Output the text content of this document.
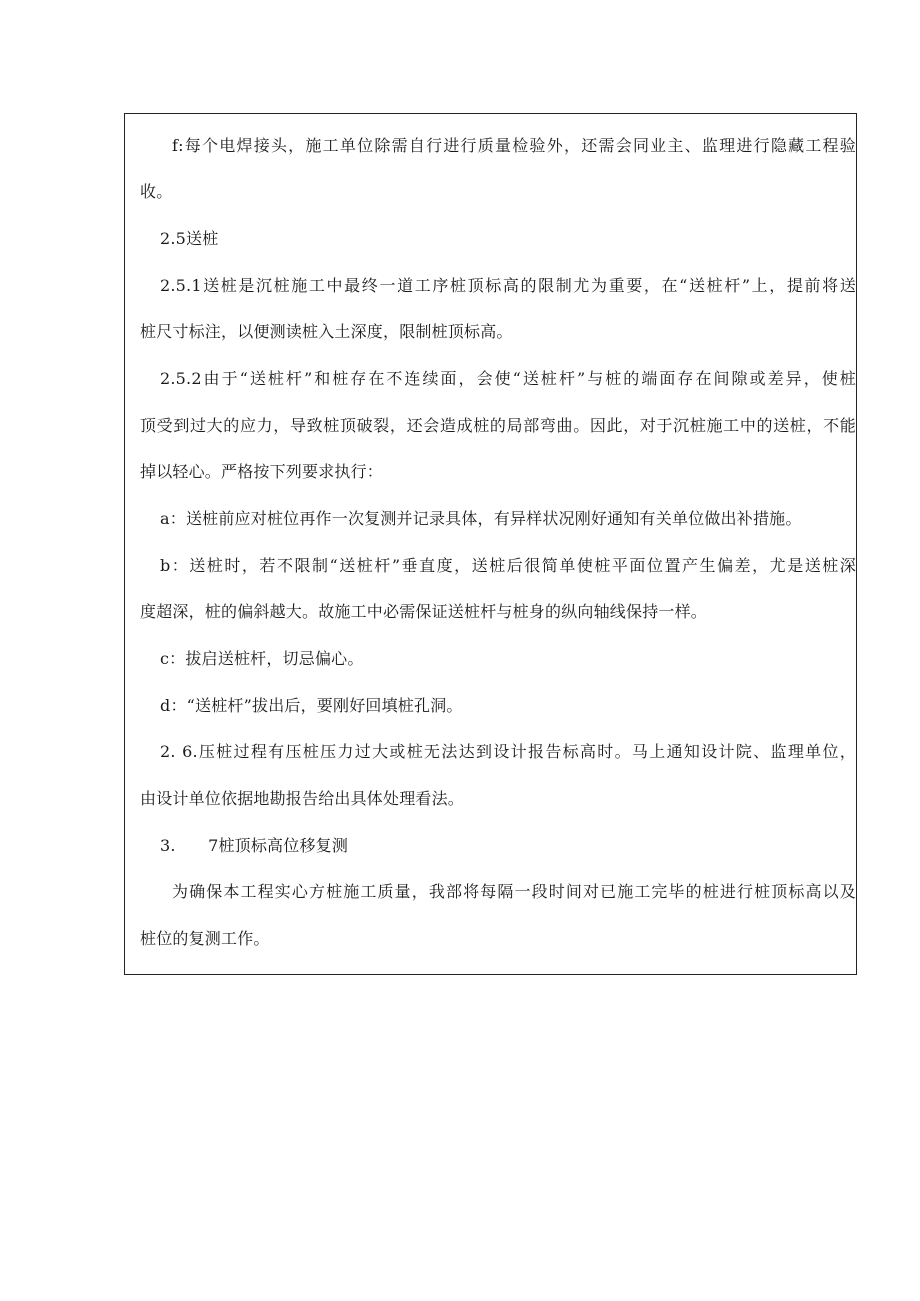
f:每个电焊接头，施工单位除需自行进行质量检验外，还需会同业主、监理进行隐藏工程验
收。
2.5送桩
2.5.1送桩是沉桩施工中最终一道工序桩顶标高的限制尤为重要，在“送桩杆”上，提前将送
桩尺寸标注，以便测读桩入土深度，限制桩顶标高。
2.5.2由于“送桩杆”和桩存在不连续面，会使“送桩杆”与桩的端面存在间隙或差异，使桩
顶受到过大的应力，导致桩顶破裂，还会造成桩的局部弯曲。因此，对于沉桩施工中的送桩，不能
掉以轻心。严格按下列要求执行：
a：送桩前应对桩位再作一次复测并记录具体，有异样状况刚好通知有关单位做出补措施。
b：送桩时，若不限制“送桩杆”垂直度，送桩后很简单使桩平面位置产生偏差，尤是送桩深
度超深，桩的偏斜越大。故施工中必需保证送桩杆与桩身的纵向轴线保持一样。
c：拔启送桩杆，切忌偏心。
d：“送桩杆”拔出后，要刚好回填桩孔洞。
2. 6.压桩过程有压桩压力过大或桩无法达到设计报告标高时。马上通知设计院、监理单位，
由设计单位依据地勘报告给出具体处理看法。
3.　　7桩顶标高位移复测
为确保本工程实心方桩施工质量，我部将每隔一段时间对已施工完毕的桩进行桩顶标高以及
桩位的复测工作。
